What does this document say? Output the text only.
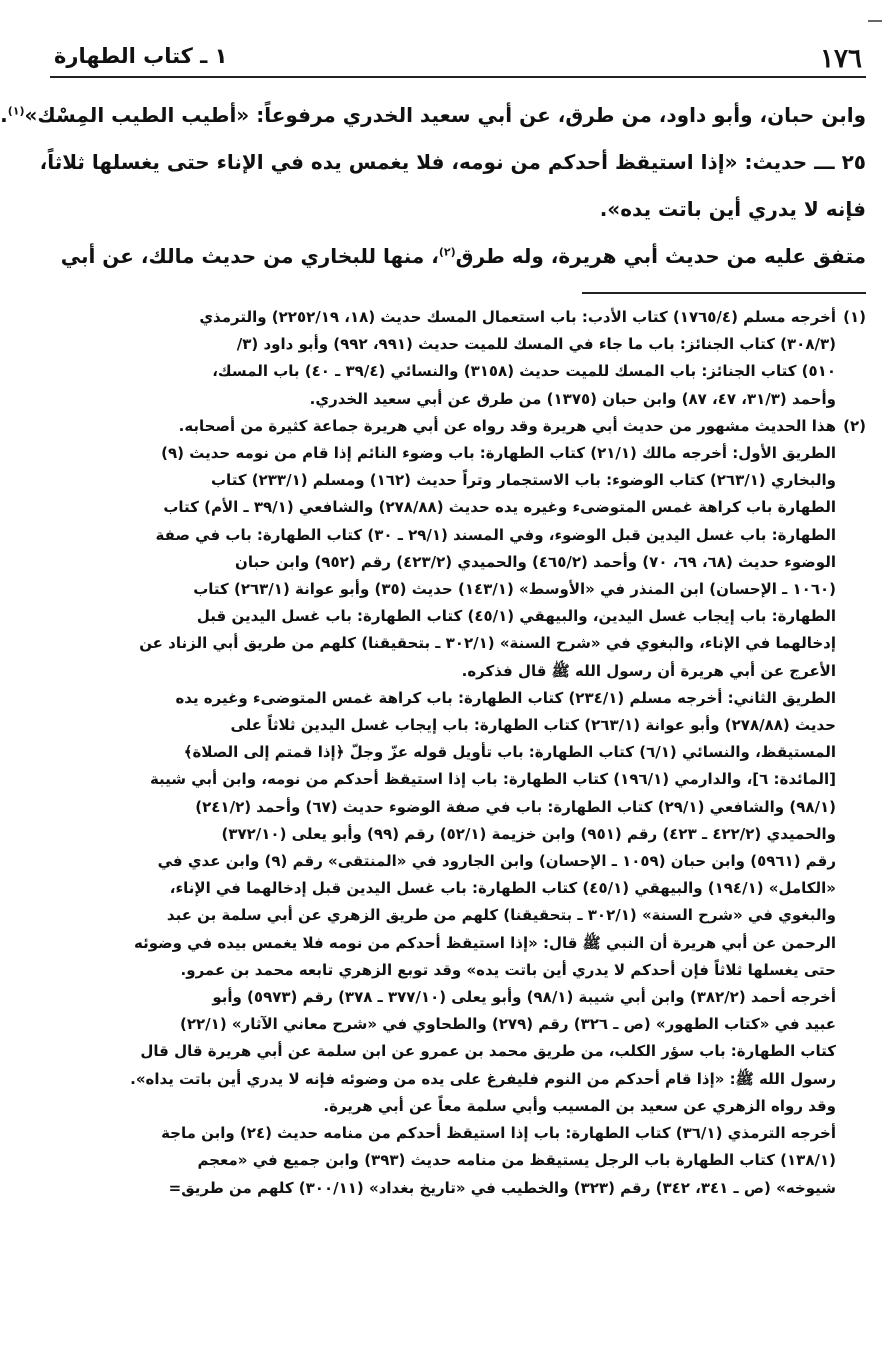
١٧٦
١ ـ كتاب الطهارة
وابن حبان، وأبو داود، من طرق، عن أبي سعيد الخدري مرفوعاً: «أطيب الطيب المِسْك»$^{(١)}$.
٢٥ ـــ حديث: «إذا استيقظ أحدكم من نومه، فلا يغمس يده في الإناء حتى يغسلها ثلاثاً،
فإنه لا يدري أين باتت يده».
متفق عليه من حديث أبي هريرة، وله طرق$^{(٢)}$، منها للبخاري من حديث مالك، عن أبي
(١)أخرجه مسلم (١٧٦٥/٤) كتاب الأدب: باب استعمال المسك حديث (١٨، ٢٢٥٢/١٩) والترمذي
(٣٠٨/٣) كتاب الجنائز: باب ما جاء في المسك للميت حديث (٩٩١، ٩٩٢) وأبو داود (٣/
٥١٠) كتاب الجنائز: باب المسك للميت حديث (٣١٥٨) والنسائي (٣٩/٤ ـ ٤٠) باب المسك،
وأحمد (٣١/٣، ٤٧، ٨٧) وابن حبان (١٣٧٥) من طرق عن أبي سعيد الخدري.
(٢)هذا الحديث مشهور من حديث أبي هريرة وقد رواه عن أبي هريرة جماعة كثيرة من أصحابه.
الطريق الأول: أخرجه مالك (٢١/١) كتاب الطهارة: باب وضوء النائم إذا قام من نومه حديث (٩)
والبخاري (٢٦٣/١) كتاب الوضوء: باب الاستجمار وتراً حديث (١٦٢) ومسلم (٢٣٣/١) كتاب
الطهارة باب كراهة غمس المتوضىء وغيره يده حديث (٢٧٨/٨٨) والشافعي (٣٩/١ ـ الأم) كتاب
الطهارة: باب غسل اليدين قبل الوضوء، وفي المسند (٢٩/١ ـ ٣٠) كتاب الطهارة: باب في صفة
الوضوء حديث (٦٨، ٦٩، ٧٠) وأحمد (٤٦٥/٢) والحميدي (٤٢٣/٢) رقم (٩٥٢) وابن حبان
(١٠٦٠ ـ الإحسان) ابن المنذر في «الأوسط» (١٤٣/١) حديث (٣٥) وأبو عوانة (٢٦٣/١) كتاب
الطهارة: باب إيجاب غسل اليدين، والبيهقي (٤٥/١) كتاب الطهارة: باب غسل اليدين قبل
إدخالهما في الإناء، والبغوي في «شرح السنة» (٣٠٢/١ ـ بتحقيقنا) كلهم من طريق أبي الزناد عن
الأعرج عن أبي هريرة أن رسول الله ﷺ قال فذكره.
الطريق الثاني: أخرجه مسلم (٢٣٤/١) كتاب الطهارة: باب كراهة غمس المتوضىء وغيره يده
حديث (٢٧٨/٨٨) وأبو عوانة (٢٦٣/١) كتاب الطهارة: باب إيجاب غسل اليدين ثلاثاً على
المستيقظ، والنسائي (٦/١) كتاب الطهارة: باب تأويل قوله عزّ وجلّ ﴿إذا قمتم إلى الصلاة﴾
[المائدة: ٦]، والدارمي (١٩٦/١) كتاب الطهارة: باب إذا استيقظ أحدكم من نومه، وابن أبي شيبة
(٩٨/١) والشافعي (٢٩/١) كتاب الطهارة: باب في صفة الوضوء حديث (٦٧) وأحمد (٢٤١/٢)
والحميدي (٤٢٢/٢ ـ ٤٢٣) رقم (٩٥١) وابن خزيمة (٥٢/١) رقم (٩٩) وأبو يعلى (٣٧٢/١٠)
رقم (٥٩٦١) وابن حبان (١٠٥٩ ـ الإحسان) وابن الجارود في «المنتقى» رقم (٩) وابن عدي في
«الكامل» (١٩٤/١) والبيهقي (٤٥/١) كتاب الطهارة: باب غسل اليدين قبل إدخالهما في الإناء،
والبغوي في «شرح السنة» (٣٠٢/١ ـ بتحقيقنا) كلهم من طريق الزهري عن أبي سلمة بن عبد
الرحمن عن أبي هريرة أن النبي ﷺ قال: «إذا استيقظ أحدكم من نومه فلا يغمس بيده في وضوئه
حتى يغسلها ثلاثاً فإن أحدكم لا يدري أين باتت يده» وقد توبع الزهري تابعه محمد بن عمرو.
أخرجه أحمد (٣٨٢/٢) وابن أبي شيبة (٩٨/١) وأبو يعلى (٣٧٧/١٠ ـ ٣٧٨) رقم (٥٩٧٣) وأبو
عبيد في «كتاب الطهور» (ص ـ ٣٢٦) رقم (٢٧٩) والطحاوي في «شرح معاني الآثار» (٢٢/١)
كتاب الطهارة: باب سؤر الكلب، من طريق محمد بن عمرو عن ابن سلمة عن أبي هريرة قال قال
رسول الله ﷺ: «إذا قام أحدكم من النوم فليفرغ على يده من وضوئه فإنه لا يدري أين باتت يداه».
وقد رواه الزهري عن سعيد بن المسيب وأبي سلمة معاً عن أبي هريرة.
أخرجه الترمذي (٣٦/١) كتاب الطهارة: باب إذا استيقظ أحدكم من منامه حديث (٢٤) وابن ماجة
(١٣٨/١) كتاب الطهارة باب الرجل يستيقظ من منامه حديث (٣٩٣) وابن جميع في «معجم
شيوخه» (ص ـ ٣٤١، ٣٤٢) رقم (٣٢٣) والخطيب في «تاريخ بغداد» (٣٠٠/١١) كلهم من طريق=
